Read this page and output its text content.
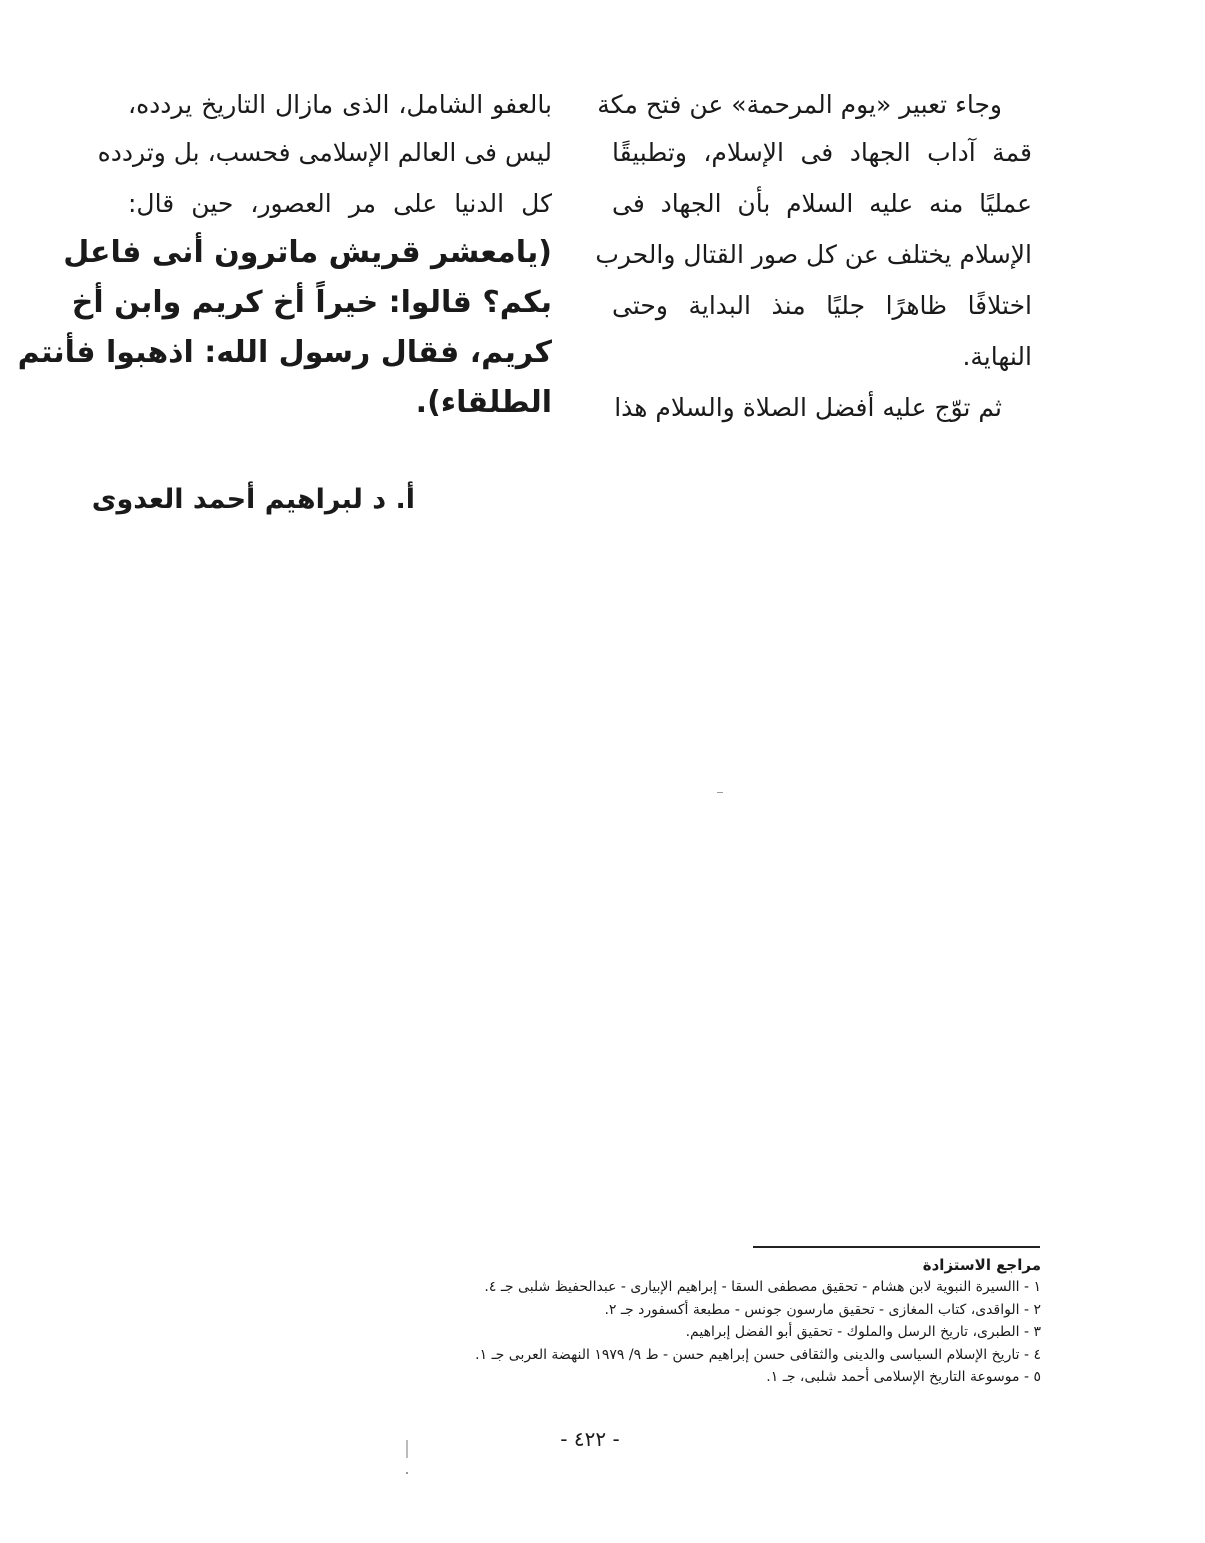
وجاء تعبير «يوم المرحمة» عن فتح مكة
قمة آداب الجهاد فى الإسلام، وتطبيقًا
عمليًا منه عليه السلام بأن الجهاد فى
الإسلام يختلف عن كل صور القتال والحرب
اختلافًا ظاهرًا جليًا منذ البداية وحتى
النهاية.
ثم توّج عليه أفضل الصلاة والسلام هذا
بالعفو الشامل، الذى مازال التاريخ يردده،
ليس فى العالم الإسلامى فحسب، بل وتردده
كل الدنيا على مر العصور، حين قال:
(يامعشر قريش ماترون أنى فاعل
بكم؟ قالوا: خيراً أخ كريم وابن أخ
كريم، فقال رسول الله: اذهبوا فأنتم
الطلقاء).
أ. د لبراهيم أحمد العدوى
مراجع الاستزادة
١ - االسيرة النبوية لابن هشام - تحقيق مصطفى السقا - إبراهيم الإبيارى - عبدالحفيظ شلبى جـ ٤.
٢ - الواقدى، كتاب المغازى - تحقيق مارسون جونس - مطبعة أكسفورد جـ ٢.
٣ - الطبرى، تاريخ الرسل والملوك - تحقيق أبو الفضل إبراهيم.
٤ - تاريخ الإسلام السياسى والدينى والثقافى حسن إبراهيم حسن - ط ٩/ ١٩٧٩ النهضة العربى جـ ١.
٥ - موسوعة التاريخ الإسلامى أحمد شلبى، جـ ١.
- ٤٢٢ -
